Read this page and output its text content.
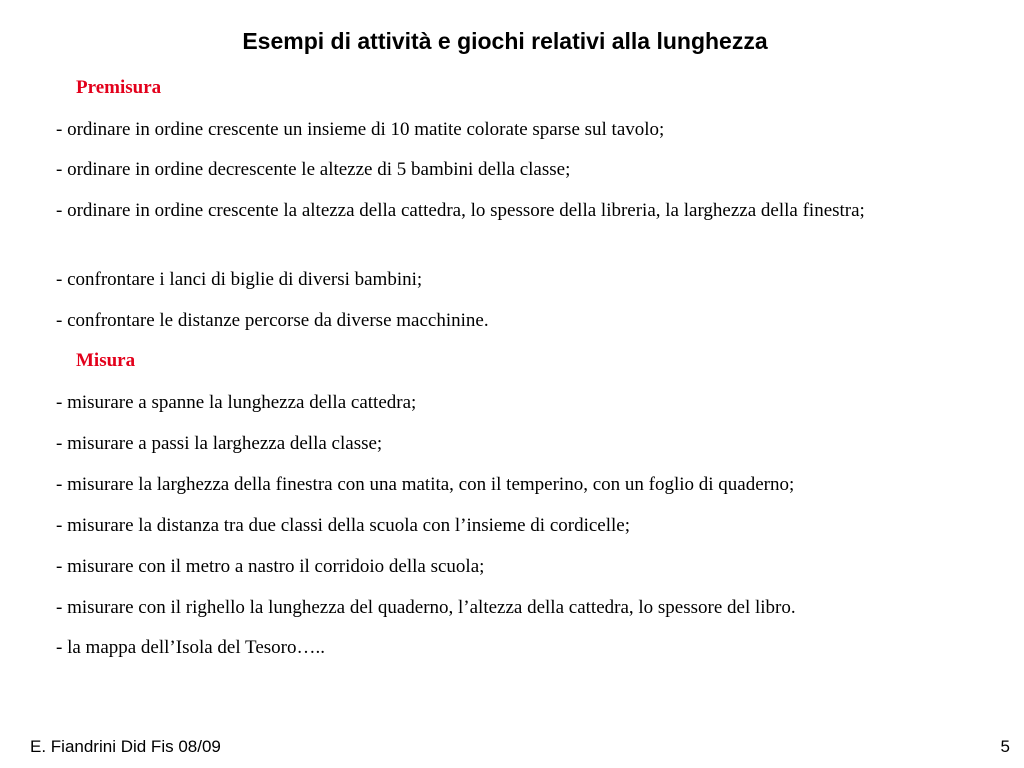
Esempi di attività e giochi relativi alla lunghezza
Premisura
- ordinare in ordine crescente un insieme di 10 matite colorate sparse sul tavolo;
- ordinare in ordine decrescente le altezze di 5 bambini della classe;
- ordinare in ordine crescente la altezza della cattedra, lo spessore della libreria, la larghezza della finestra;
- confrontare i lanci di biglie di diversi bambini;
- confrontare le distanze percorse da diverse macchinine.
Misura
- misurare a spanne la lunghezza della cattedra;
- misurare a passi la larghezza della classe;
- misurare la larghezza della finestra con una matita, con il temperino, con un foglio di quaderno;
- misurare la distanza tra due classi della scuola con l’insieme di cordicelle;
- misurare con il metro a nastro il corridoio della scuola;
- misurare con il righello la lunghezza del quaderno, l’altezza della cattedra, lo spessore del libro.
- la mappa dell’Isola del Tesoro…..
E. Fiandrini Did Fis 08/09	5
